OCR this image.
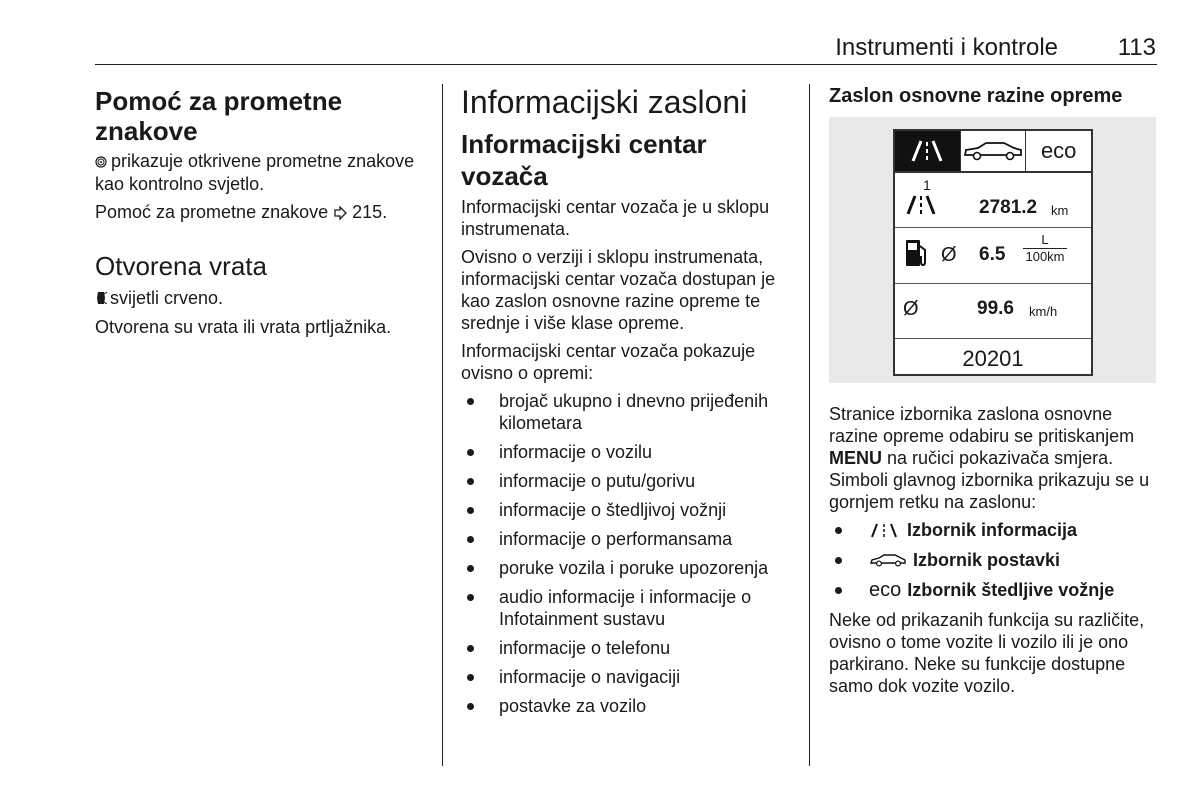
Instrumenti i kontrole 113
Pomoć za prometne znakove

prikazuje otkrivene prometne znakove kao kontrolno svjetlo.

Pomoć za prometne znakove 215.

Otvorena vrata

svijetli crveno.

Otvorena su vrata ili vrata prtljažnika.

Informacijski zasloni
Informacijski centar vozača

Informacijski centar vozača je u sklopu instrumenata.

Ovisno o verziji i sklopu instrumenata, informacijski centar vozača dostupan je kao zaslon osnovne razine opreme te srednje i više klase opreme.

Informacijski centar vozača pokazuje ovisno o opremi:

brojač ukupno i dnevno prijeđenih kilometara
informacije o vozilu
informacije o putu/gorivu
informacije o štedljivoj vožnji
informacije o performansama
poruke vozila i poruke upozorenja
audio informacije i informacije o Infotainment sustavu
informacije o telefonu
informacije o navigaciji
postavke za vozilo
Zaslon osnovne razine opreme
eco
1
2781.2 km
Ø $6.5 \frac{L}{100km}$
Ø	99.6 km/h
20201

Stranice izbornika zaslona osnovne razine opreme odabiru se pritiskanjem MENU na ručici pokazivača smjera. Simboli glavnog izbornika prikazuju se u gornjem retku na zaslonu:

Izbornik informacija
Izbornik postavki
eco Izbornik štedljive vožnje

Neke od prikazanih funkcija su različite, ovisno o tome vozite li vozilo ili je ono parkirano. Neke su funkcije dostupne samo dok vozite vozilo.
